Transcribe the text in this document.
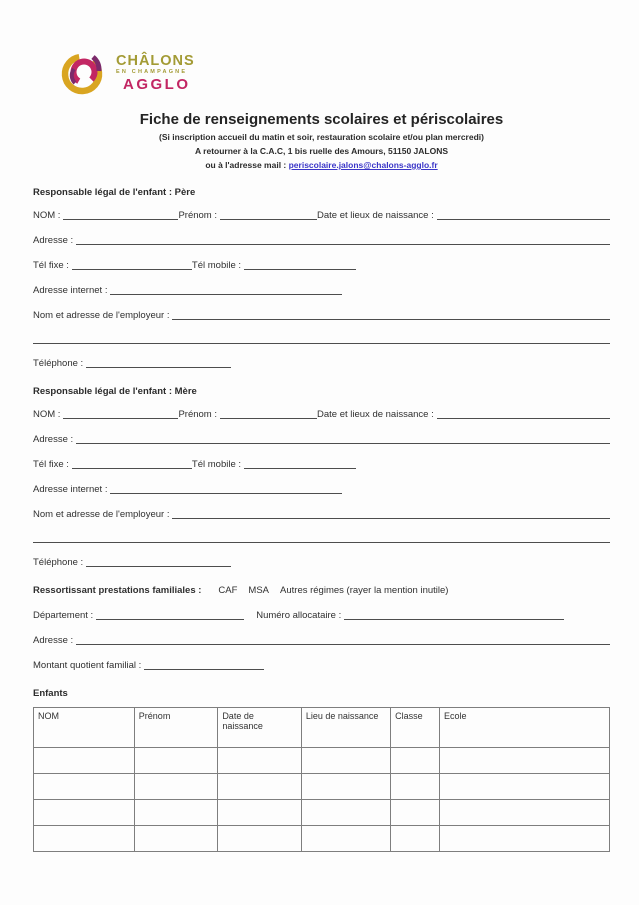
CHÂLONS
EN CHAMPAGNE
AGGLO
Fiche de renseignements scolaires et périscolaires
(Si inscription accueil du matin et soir, restauration scolaire et/ou plan mercredi)
A retourner à la C.A.C, 1 bis ruelle des Amours, 51150 JALONS
ou à l'adresse mail : periscolaire.jalons@chalons-agglo.fr
Responsable légal de l'enfant : Père
NOM :	Prénom :	Date et lieux de naissance :
Adresse :
Tél fixe :	Tél mobile :
Adresse internet :
Nom et adresse de l'employeur :
Téléphone :
Responsable légal de l'enfant : Mère
NOM :	Prénom :	Date et lieux de naissance :
Adresse :
Tél fixe :	Tél mobile :
Adresse internet :
Nom et adresse de l'employeur :
Téléphone :
Ressortissant prestations familiales : CAF MSA Autres régimes (rayer la mention inutile)
Département :	Numéro allocataire :
Adresse :
Montant quotient familial :
Enfants
NOM	Prénom	Date de naissance	Lieu de naissance	Classe	Ecole
